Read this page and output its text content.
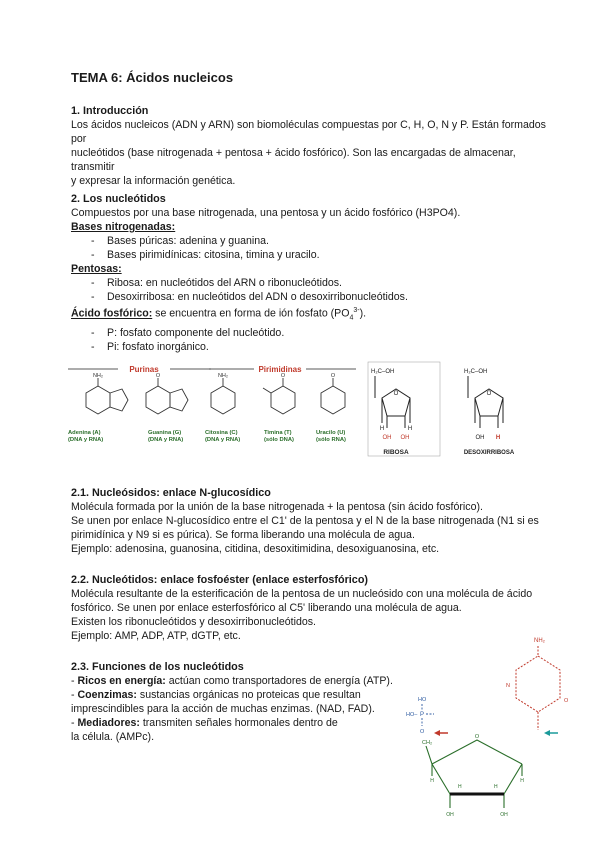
TEMA 6: Ácidos nucleicos
1. Introducción
Los ácidos nucleicos (ADN y ARN) son biomoléculas compuestas por C, H, O, N y P. Están formados por
nucleótidos (base nitrogenada + pentosa + ácido fosfórico). Son las encargadas de almacenar, transmitir
y expresar la información genética.
2. Los nucleótidos
Compuestos por una base nitrogenada, una pentosa y un ácido fosfórico (H3PO4).
Bases nitrogenadas:
- Bases púricas: adenina y guanina.
- Bases pirimidínicas: citosina, timina y uracilo.
Pentosas:
- Ribosa: en nucleótidos del ARN o ribonucleótidos.
- Desoxirribosa: en nucleótidos del ADN o desoxirribonucleótidos.
Ácido fosfórico: se encuentra en forma de ión fosfato $(PO_4^{3-})$.
- P: fosfato componente del nucleótido.
- Pi: fosfato inorgánico.
Purinas	Pirimidinas
NH₂
Adenina (A)
(DNA y RNA)
O
Guanina (G)
(DNA y RNA)
NH₂
Citosina (C)
(DNA y RNA)
O
Timina (T)
(sólo DNA)
O
Uracilo (U)
(sólo RNA)
H₂C–OH
O
H	H
OH OH
RIBOSA
H₂C–OH
O
OH H
DESOXIRRIBOSA
2.1. Nucleósidos: enlace N-glucosídico
Molécula formada por la unión de la base nitrogenada + la pentosa (sin ácido fosfórico).
Se unen por enlace N-glucosídico entre el C1' de la pentosa y el N de la base nitrogenada (N1 si es
pirimidínica y N9 si es púrica). Se forma liberando una molécula de agua.
Ejemplo: adenosina, guanosina, citidina, desoxitimidina, desoxiguanosina, etc.
2.2. Nucleótidos: enlace fosfoéster (enlace esterfosfórico)
Molécula resultante de la esterificación de la pentosa de un nucleósido con una molécula de ácido
fosfórico. Se unen por enlace esterfosfórico al C5' liberando una molécula de agua.
Existen los ribonucleótidos y desoxirribonucleótidos.
Ejemplo: AMP, ADP, ATP, dGTP, etc.
2.3. Funciones de los nucleótidos
- Ricos en energía: actúan como transportadores de energía (ATP).
- Coenzimas: sustancias orgánicas no proteicas que resultan
imprescindibles para la acción de muchas enzimas. (NAD, FAD).
- Mediadores: transmiten señales hormonales dentro de
la célula. (AMPc).
NH₂
N
O
HO
HO– P
O
CH₂
O
H	H
OH	OH
H	H
